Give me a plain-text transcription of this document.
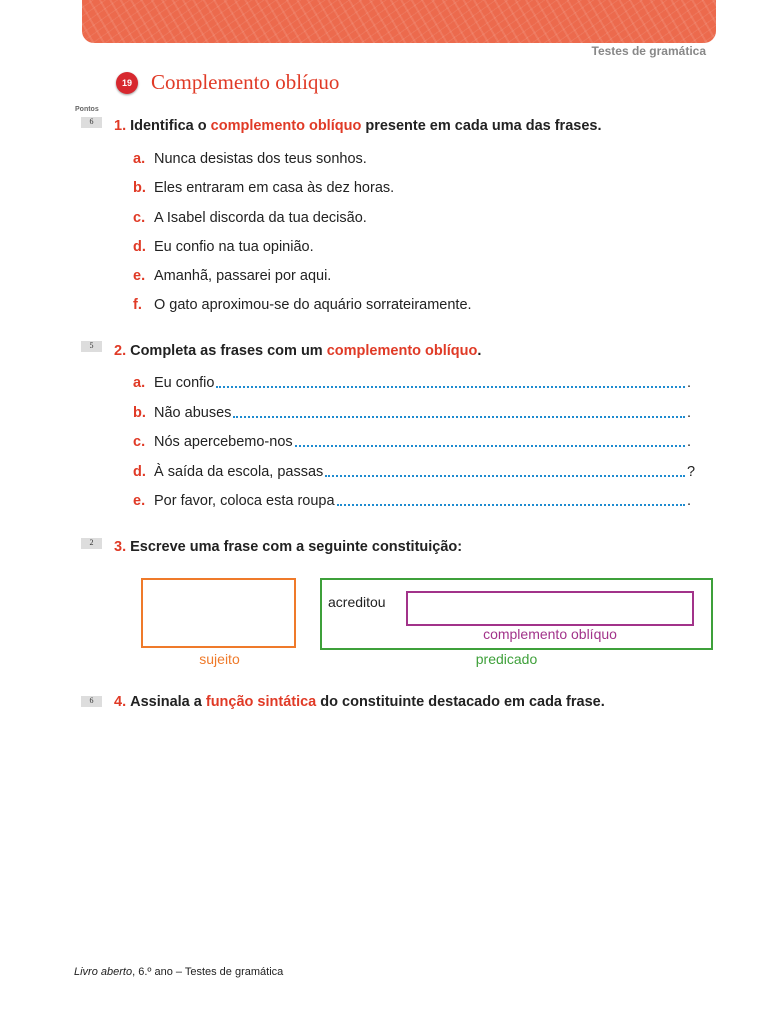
Testes de gramática
19 Complemento oblíquo
Pontos
6	1. Identifica o complemento oblíquo presente em cada uma das frases.
a. Nunca desistas dos teus sonhos.
b. Eles entraram em casa às dez horas.
c. A Isabel discorda da tua decisão.
d. Eu confio na tua opinião.
e. Amanhã, passarei por aqui.
f. O gato aproximou-se do aquário sorrateiramente.
5	2. Completa as frases com um complemento oblíquo.
a. Eu confio	.
b. Não abuses	.
c. Nós apercebemo-nos	.
d. À saída da escola, passas	?
e. Por favor, coloca esta roupa	.
2	3. Escreve uma frase com a seguinte constituição:
sujeito
acreditou
complemento oblíquo
predicado
6	4. Assinala a função sintática do constituinte destacado em cada frase.
Livro aberto, 6.º ano – Testes de gramática
